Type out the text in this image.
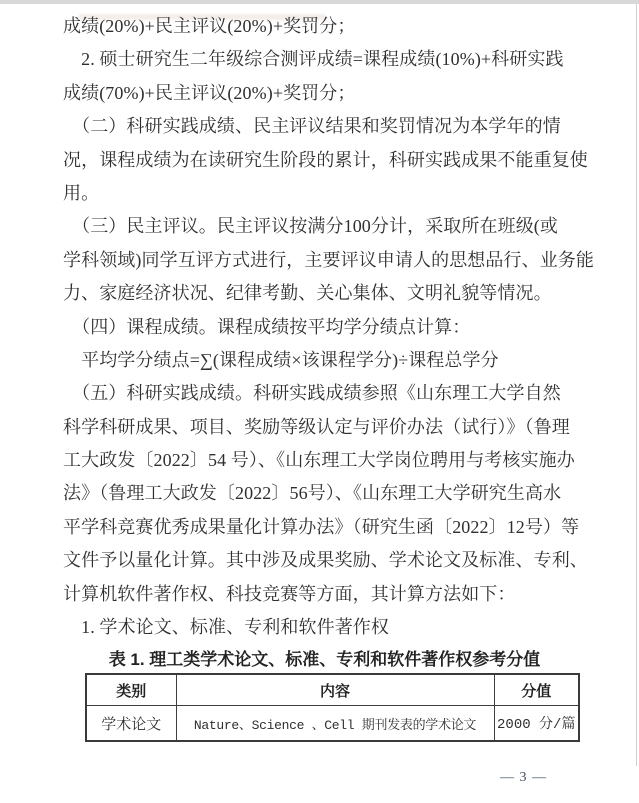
成绩(20%)+民主评议(20%)+奖罚分；
　2. 硕士研究生二年级综合测评成绩=课程成绩(10%)+科研实践
成绩(70%)+民主评议(20%)+奖罚分；
　（二）科研实践成绩、民主评议结果和奖罚情况为本学年的情
况，课程成绩为在读研究生阶段的累计，科研实践成果不能重复使
用。
　（三）民主评议。民主评议按满分100分计，采取所在班级(或
学科领域)同学互评方式进行，主要评议申请人的思想品行、业务能
力、家庭经济状况、纪律考勤、关心集体、文明礼貌等情况。
　（四）课程成绩。课程成绩按平均学分绩点计算：
　平均学分绩点=∑(课程成绩×该课程学分)÷课程总学分
　（五）科研实践成绩。科研实践成绩参照《山东理工大学自然
科学科研成果、项目、奖励等级认定与评价办法（试行）》（鲁理
工大政发〔2022〕54 号）、《山东理工大学岗位聘用与考核实施办
法》（鲁理工大政发〔2022〕56号）、《山东理工大学研究生高水
平学科竞赛优秀成果量化计算办法》（研究生函〔2022〕12号）等
文件予以量化计算。其中涉及成果奖励、学术论文及标准、专利、
计算机软件著作权、科技竞赛等方面，其计算方法如下：
　1. 学术论文、标准、专利和软件著作权
表 1. 理工类学术论文、标准、专利和软件著作权参考分值
类别	内容	分值
学术论文	Nature、Science 、Cell 期刊发表的学术论文	2000 分/篇
— 3 —
